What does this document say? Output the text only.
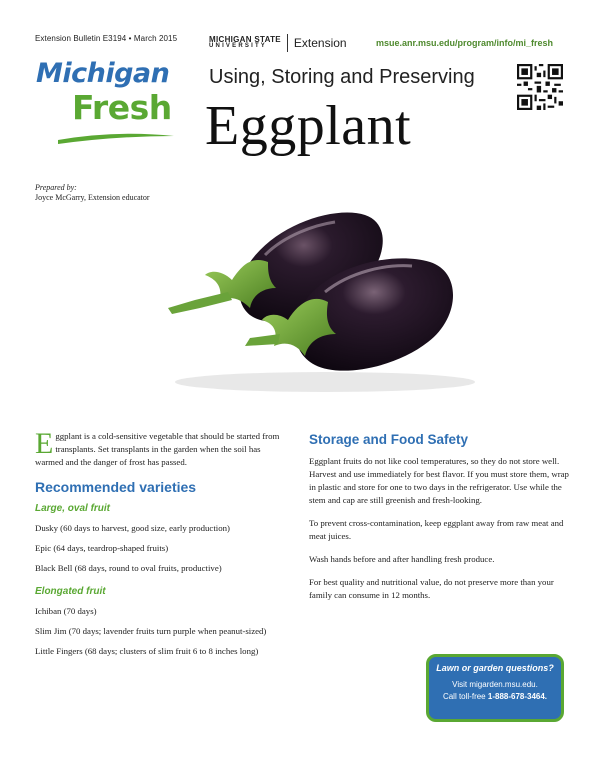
Extension Bulletin E3194 • March 2015	MICHIGAN STATE
UNIVERSITY	Extension	msue.anr.msu.edu/program/info/mi_fresh
Michigan
Fresh
Using, Storing and Preserving
Eggplant
Prepared by:
Joyce McGarry, Extension educator

Eggplant is a cold-sensitive vegetable that should be started from transplants. Set transplants in the garden when the soil has warmed and the danger of frost has passed.

Recommended varieties
Large, oval fruit
Dusky (60 days to harvest, good size, early production)
Epic (64 days, teardrop-shaped fruits)
Black Bell (68 days, round to oval fruits, productive)
Elongated fruit
Ichiban (70 days)
Slim Jim (70 days; lavender fruits turn purple when peanut-sized)
Little Fingers (68 days; clusters of slim fruit 6 to 8 inches long)
Storage and Food Safety

Eggplant fruits do not like cool temperatures, so they do not store well. Harvest and use immediately for best flavor. If you must store them, wrap in plastic and store for one to two days in the refrigerator. Use while the stem and cap are still greenish and fresh-looking.

To prevent cross-contamination, keep eggplant away from raw meat and meat juices.

Wash hands before and after handling fresh produce.

For best quality and nutritional value, do not preserve more than your family can consume in 12 months.

Lawn or garden questions?
Visit migarden.msu.edu.
Call toll-free 1-888-678-3464.
